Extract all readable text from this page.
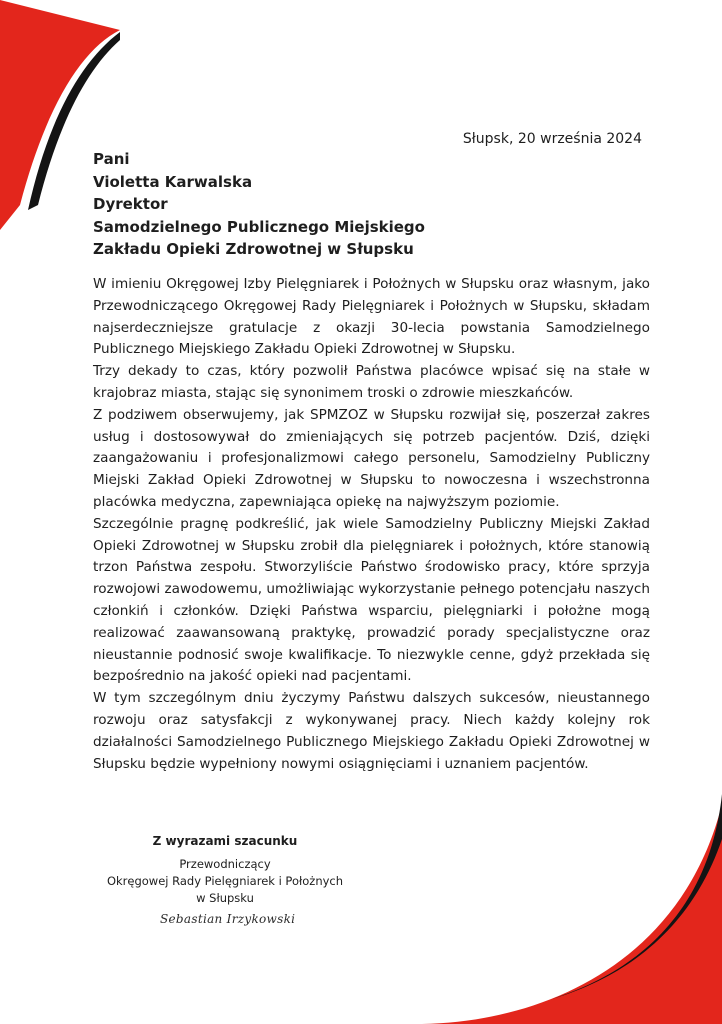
Słupsk, 20 września 2024
Pani
Violetta Karwalska
Dyrektor
Samodzielnego Publicznego Miejskiego
Zakładu Opieki Zdrowotnej w Słupsku

W imieniu Okręgowej Izby Pielęgniarek i Położnych w Słupsku oraz własnym, jako Przewodniczącego Okręgowej Rady Pielęgniarek i Położnych w Słupsku, składam najserdeczniejsze gratulacje z okazji 30-lecia powstania Samodzielnego Publicznego Miejskiego Zakładu Opieki Zdrowotnej w Słupsku.

Trzy dekady to czas, który pozwolił Państwa placówce wpisać się na stałe w krajobraz miasta, stając się synonimem troski o zdrowie mieszkańców.

Z podziwem obserwujemy, jak SPMZOZ w Słupsku rozwijał się, poszerzał zakres usług i dostosowywał do zmieniających się potrzeb pacjentów. Dziś, dzięki zaangażowaniu i profesjonalizmowi całego personelu, Samodzielny Publiczny Miejski Zakład Opieki Zdrowotnej w Słupsku to nowoczesna i wszechstronna placówka medyczna, zapewniająca opiekę na najwyższym poziomie.

Szczególnie pragnę podkreślić, jak wiele Samodzielny Publiczny Miejski Zakład Opieki Zdrowotnej w Słupsku zrobił dla pielęgniarek i położnych, które stanowią trzon Państwa zespołu. Stworzyliście Państwo środowisko pracy, które sprzyja rozwojowi zawodowemu, umożliwiając wykorzystanie pełnego potencjału naszych członkiń i członków. Dzięki Państwa wsparciu, pielęgniarki i położne mogą realizować zaawansowaną praktykę, prowadzić porady specjalistyczne oraz nieustannie podnosić swoje kwalifikacje. To niezwykle cenne, gdyż przekłada się bezpośrednio na jakość opieki nad pacjentami.

W tym szczególnym dniu życzymy Państwu dalszych sukcesów, nieustannego rozwoju oraz satysfakcji z wykonywanej pracy. Niech każdy kolejny rok działalności Samodzielnego Publicznego Miejskiego Zakładu Opieki Zdrowotnej w Słupsku będzie wypełniony nowymi osiągnięciami i uznaniem pacjentów.

Z wyrazami szacunku
Przewodniczący
Okręgowej Rady Pielęgniarek i Położnych
w Słupsku
Sebastian Irzykowski
